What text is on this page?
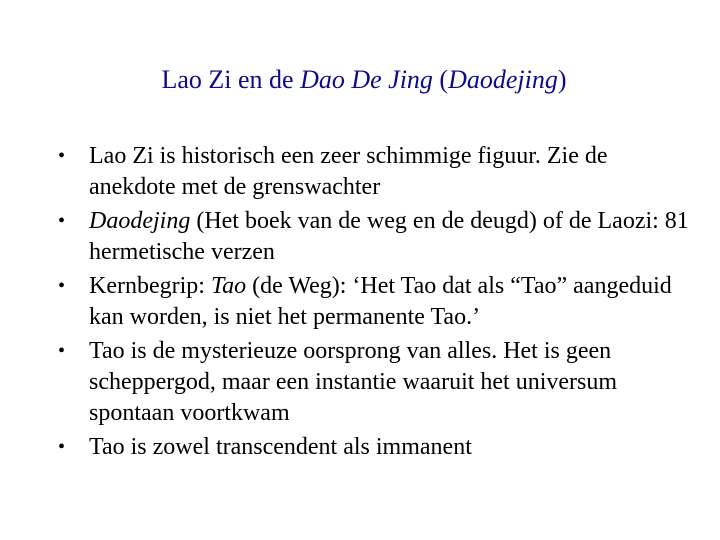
Lao Zi en de Dao De Jing (Daodejing)
• Lao Zi is historisch een zeer schimmige figuur. Zie de anekdote met de grenswachter
• Daodejing (Het boek van de weg en de deugd) of de Laozi: 81 hermetische verzen
• Kernbegrip: Tao (de Weg): ‘Het Tao dat als “Tao” aangeduid kan worden, is niet het permanente Tao.’
• Tao is de mysterieuze oorsprong van alles. Het is geen scheppergod, maar een instantie waaruit het universum spontaan voortkwam
• Tao is zowel transcendent als immanent
